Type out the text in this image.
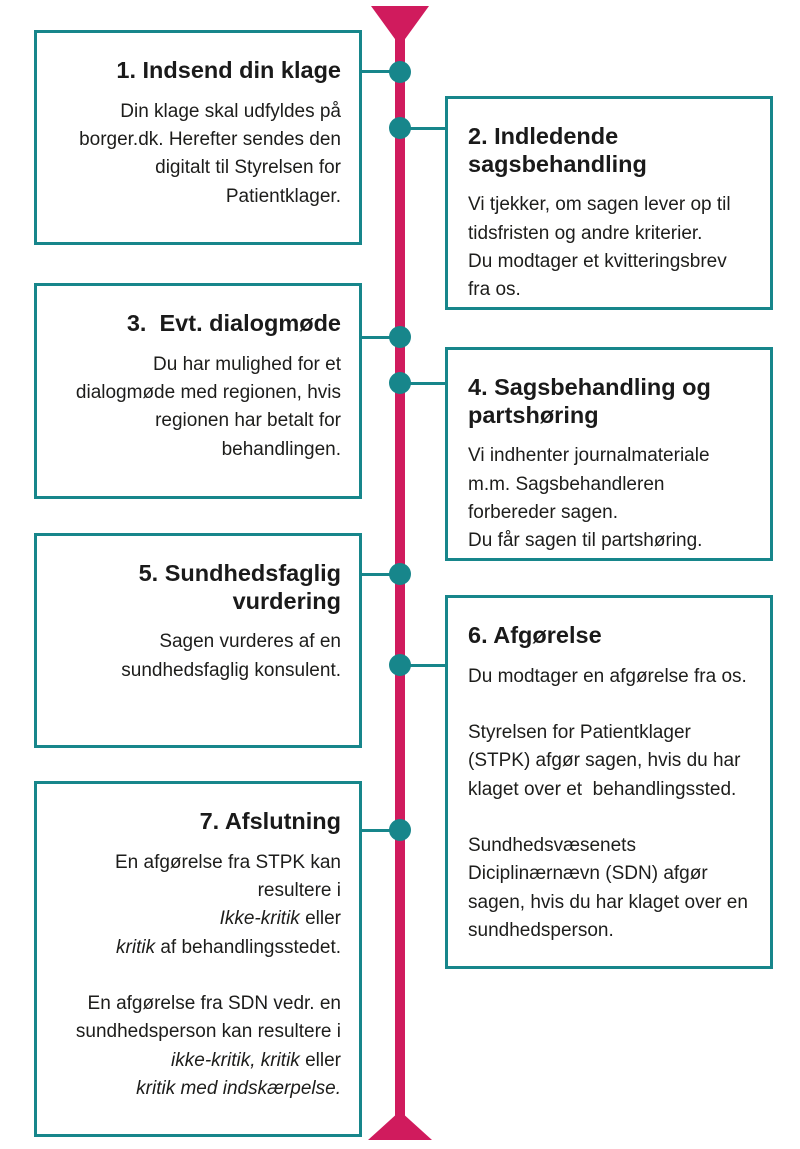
1. Indsend din klage

Din klage skal udfyldes på borger.dk. Herefter sendes den digitalt til Styrelsen for Patientklager.

2. Indledende sagsbehandling

Vi tjekker, om sagen lever op til tidsfristen og andre kriterier.
Du modtager et kvitteringsbrev fra os.

3.  Evt. dialogmøde

Du har mulighed for et dialogmøde med regionen, hvis regionen har betalt for behandlingen.

4. Sagsbehandling og partshøring

Vi indhenter journalmateriale m.m. Sagsbehandleren forbereder sagen.
Du får sagen til partshøring.

5. Sundhedsfaglig vurdering

Sagen vurderes af en sundhedsfaglig konsulent.

6. Afgørelse

Du modtager en afgørelse fra os.

Styrelsen for Patientklager (STPK) afgør sagen, hvis du har klaget over et  behandlingssted.

Sundhedsvæsenets Diciplinærnævn (SDN) afgør sagen, hvis du har klaget over en sundhedsperson.

7. Afslutning

En afgørelse fra STPK kan resultere i
Ikke-kritik eller
kritik af behandlingsstedet.

En afgørelse fra SDN vedr. en sundhedsperson kan resultere i
ikke-kritik, kritik eller
kritik med indskærpelse.
